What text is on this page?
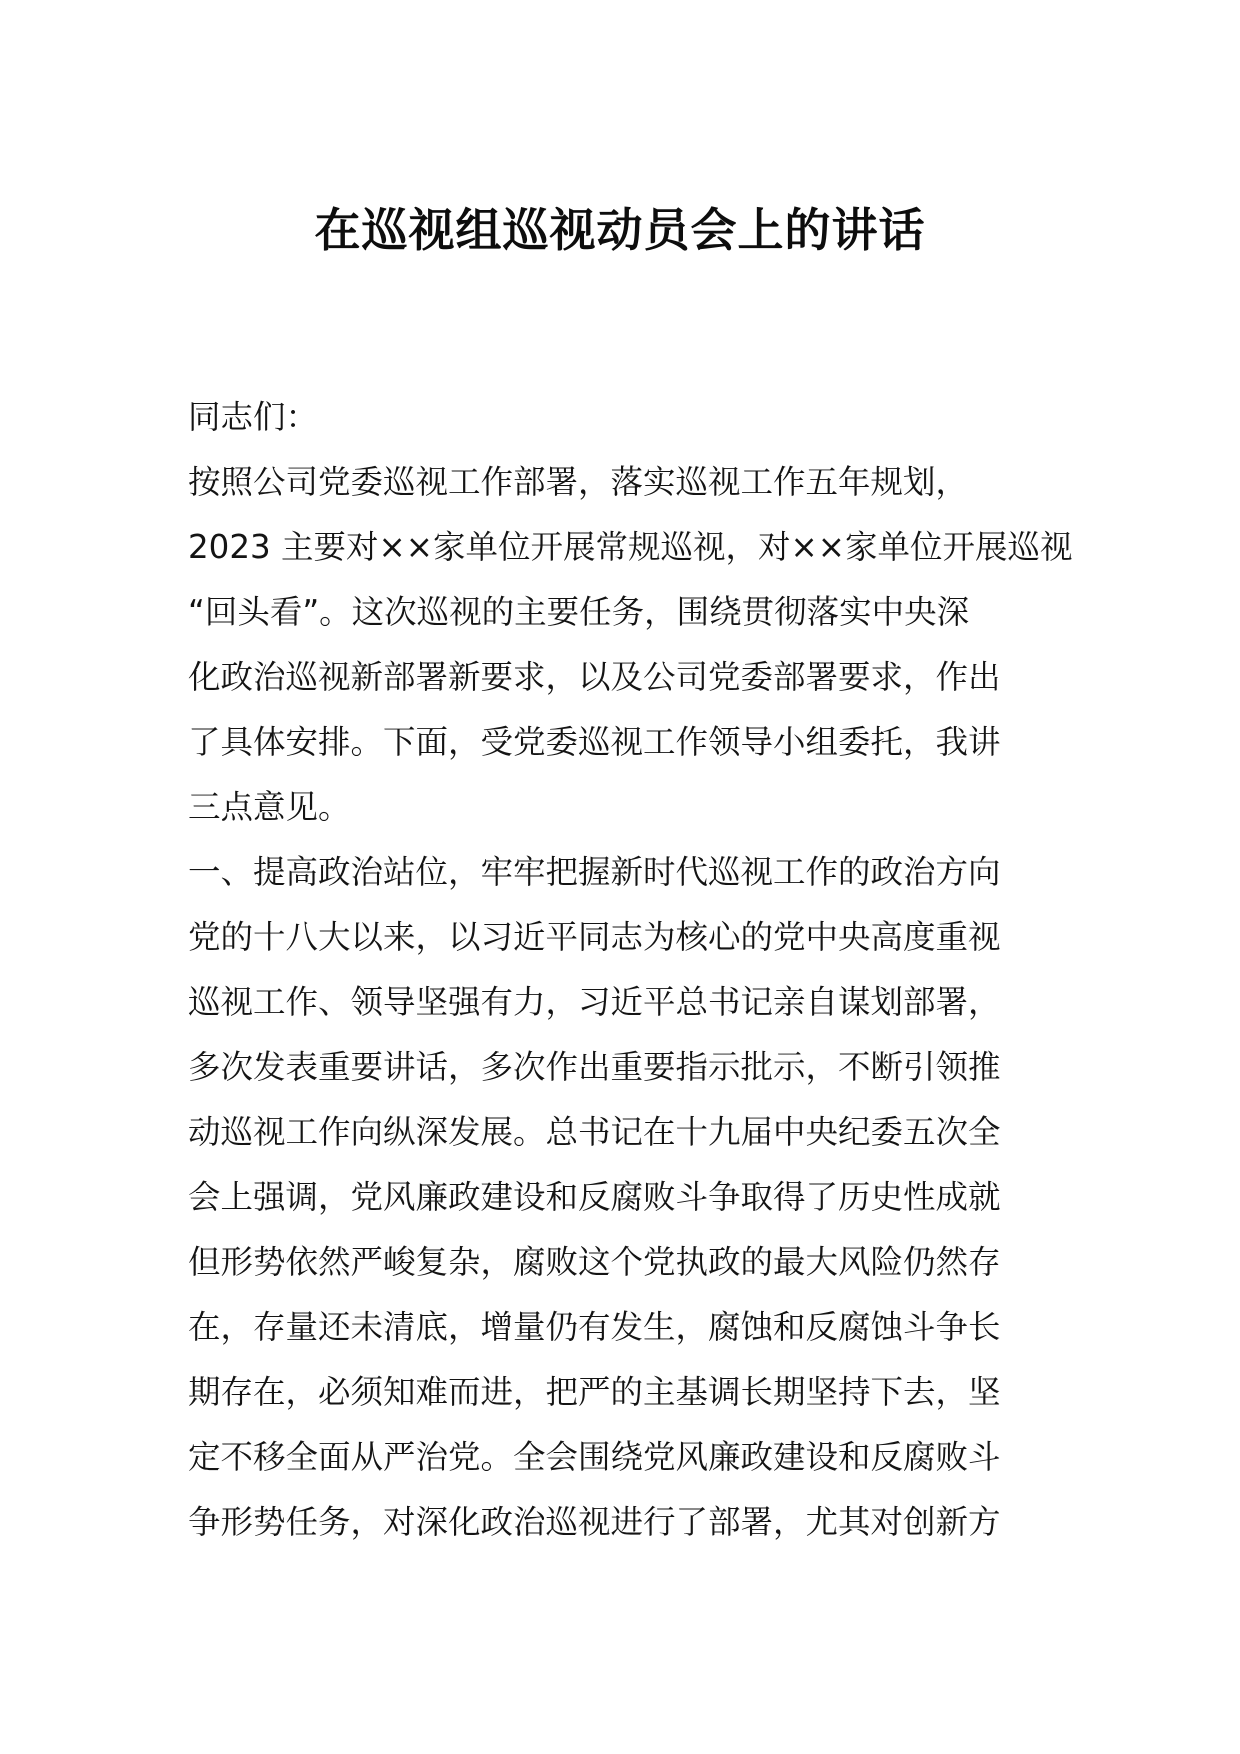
在巡视组巡视动员会上的讲话
同志们：
按照公司党委巡视工作部署，落实巡视工作五年规划，
2023 主要对××家单位开展常规巡视，对××家单位开展巡视
“回头看”。这次巡视的主要任务，围绕贯彻落实中央深
化政治巡视新部署新要求，以及公司党委部署要求，作出
了具体安排。下面，受党委巡视工作领导小组委托，我讲
三点意见。
一、提高政治站位，牢牢把握新时代巡视工作的政治方向
党的十八大以来，以习近平同志为核心的党中央高度重视
巡视工作、领导坚强有力，习近平总书记亲自谋划部署，
多次发表重要讲话，多次作出重要指示批示，不断引领推
动巡视工作向纵深发展。总书记在十九届中央纪委五次全
会上强调，党风廉政建设和反腐败斗争取得了历史性成就
但形势依然严峻复杂，腐败这个党执政的最大风险仍然存
在，存量还未清底，增量仍有发生，腐蚀和反腐蚀斗争长
期存在，必须知难而进，把严的主基调长期坚持下去，坚
定不移全面从严治党。全会围绕党风廉政建设和反腐败斗
争形势任务，对深化政治巡视进行了部署，尤其对创新方
